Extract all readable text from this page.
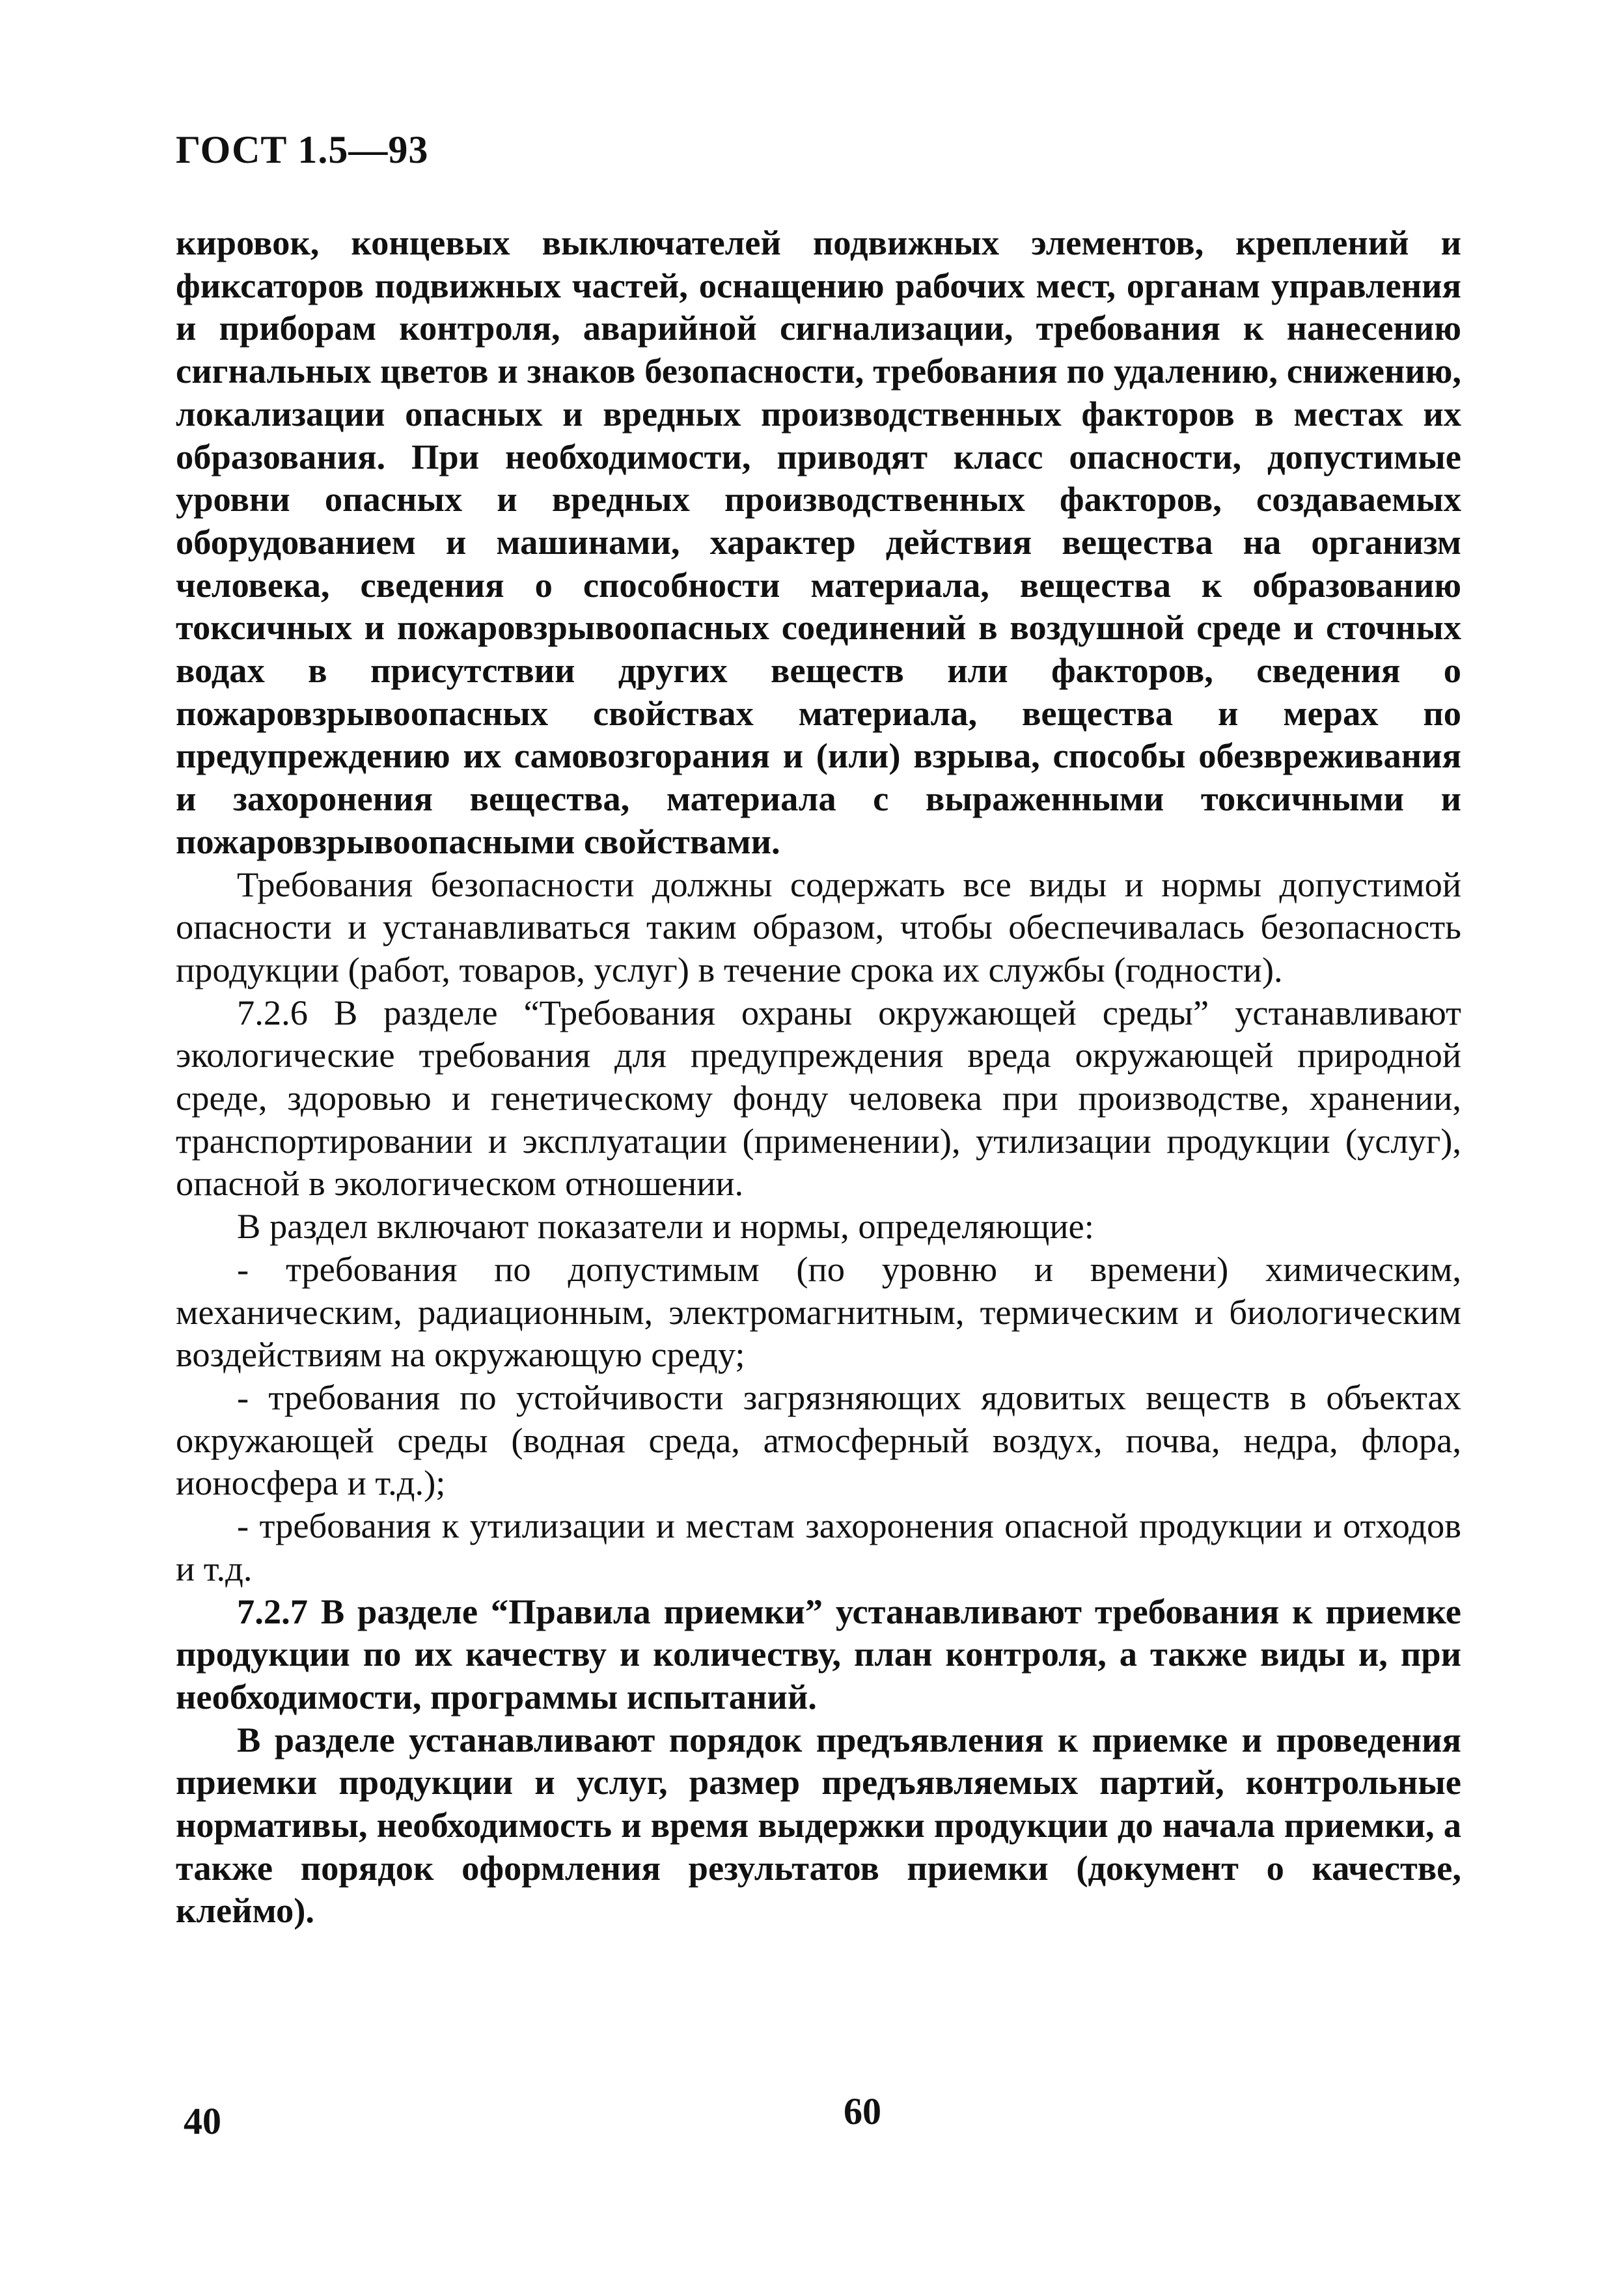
ГОСТ 1.5—93

кировок, концевых выключателей подвижных элементов, креплений и фиксаторов подвижных частей, оснащению рабочих мест, органам управления и приборам контроля, аварийной сигнализации, требования к нанесению сигнальных цветов и знаков безопасности, требования по удалению, снижению, локализации опасных и вредных производственных факторов в местах их образования. При необходимости, приводят класс опасности, допустимые уровни опасных и вредных производственных факторов, создаваемых оборудованием и машинами, характер действия вещества на организм человека, сведения о способности материала, вещества к образованию токсичных и пожаровзрывоопасных соединений в воздушной среде и сточных водах в присутствии других веществ или факторов, сведения о пожаровзрывоопасных свойствах материала, вещества и мерах по предупреждению их самовозгорания и (или) взрыва, способы обезвреживания и захоронения вещества, материала с выраженными токсичными и пожаровзрывоопасными свойствами.

Требования безопасности должны содержать все виды и нормы допустимой опасности и устанавливаться таким образом, чтобы обеспечивалась безопасность продукции (работ, товаров, услуг) в течение срока их службы (годности).

7.2.6 В разделе “Требования охраны окружающей среды” устанавливают экологические требования для предупреждения вреда окружающей природной среде, здоровью и генетическому фонду человека при производстве, хранении, транспортировании и эксплуатации (применении), утилизации продукции (услуг), опасной в экологическом отношении.

В раздел включают показатели и нормы, определяющие:

- требования по допустимым (по уровню и времени) химическим, механическим, радиационным, электромагнитным, термическим и биологическим воздействиям на окружающую среду;

- требования по устойчивости загрязняющих ядовитых веществ в объектах окружающей среды (водная среда, атмосферный воздух, почва, недра, флора, ионосфера и т.д.);

- требования к утилизации и местам захоронения опасной продукции и отходов и т.д.

7.2.7 В разделе “Правила приемки” устанавливают требования к приемке продукции по их качеству и количеству, план контроля, а также виды и, при необходимости, программы испытаний.

В разделе устанавливают порядок предъявления к приемке и проведения приемки продукции и услуг, размер предъявляемых партий, контрольные нормативы, необходимость и время выдержки продукции до начала приемки, а также порядок оформления результатов приемки (документ о качестве, клеймо).

40	60
